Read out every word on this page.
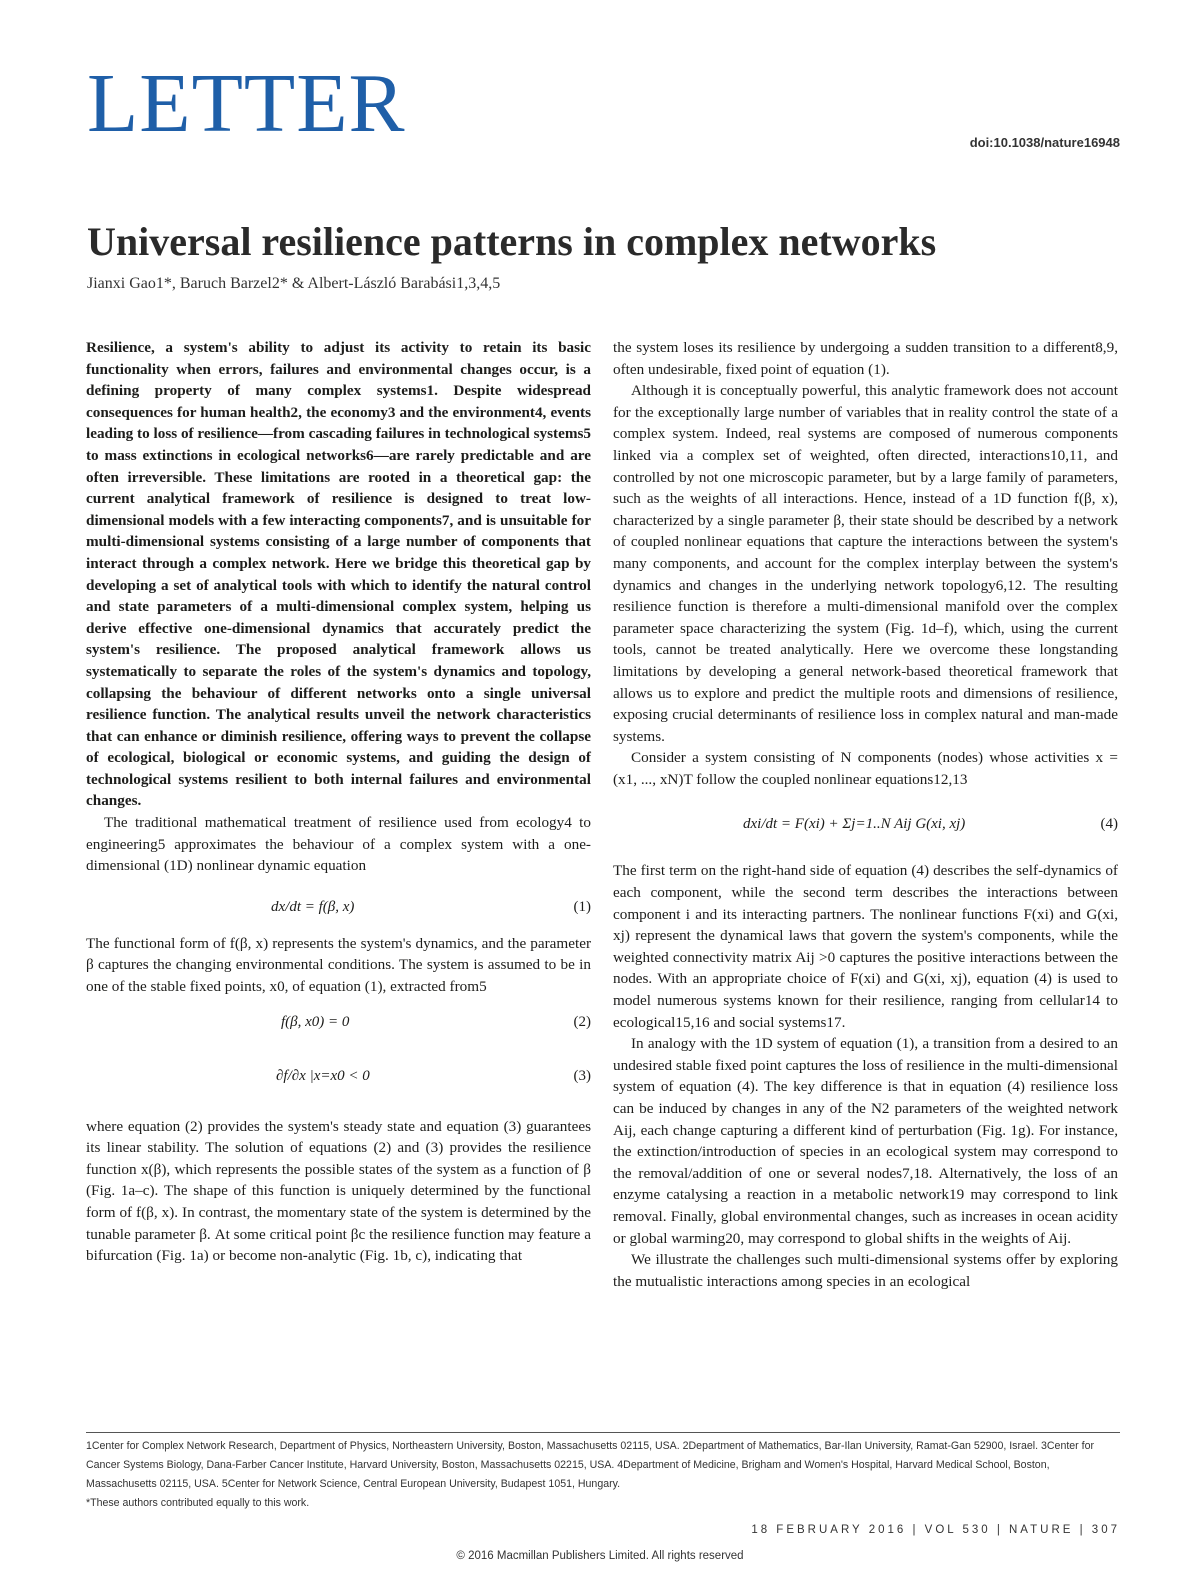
LETTER	doi:10.1038/nature16948
Universal resilience patterns in complex networks
Jianxi Gao1*, Baruch Barzel2* & Albert-László Barabási1,3,4,5

Resilience, a system's ability to adjust its activity to retain its basic functionality when errors, failures and environmental changes occur, is a defining property of many complex systems1. Despite widespread consequences for human health2, the economy3 and the environment4, events leading to loss of resilience—from cascading failures in technological systems5 to mass extinctions in ecological networks6—are rarely predictable and are often irreversible. These limitations are rooted in a theoretical gap: the current analytical framework of resilience is designed to treat low-dimensional models with a few interacting components7, and is unsuitable for multi-dimensional systems consisting of a large number of components that interact through a complex network. Here we bridge this theoretical gap by developing a set of analytical tools with which to identify the natural control and state parameters of a multi-dimensional complex system, helping us derive effective one-dimensional dynamics that accurately predict the system's resilience. The proposed analytical framework allows us systematically to separate the roles of the system's dynamics and topology, collapsing the behaviour of different networks onto a single universal resilience function. The analytical results unveil the network characteristics that can enhance or diminish resilience, offering ways to prevent the collapse of ecological, biological or economic systems, and guiding the design of technological systems resilient to both internal failures and environmental changes.

The traditional mathematical treatment of resilience used from ecology4 to engineering5 approximates the behaviour of a complex system with a one-dimensional (1D) nonlinear dynamic equation

dx/dt = f(β, x)	(1)

The functional form of f(β, x) represents the system's dynamics, and the parameter β captures the changing environmental conditions. The system is assumed to be in one of the stable fixed points, x0, of equation (1), extracted from5

f(β, x0) = 0	(2)
∂f/∂x |x=x0 < 0	(3)

where equation (2) provides the system's steady state and equation (3) guarantees its linear stability. The solution of equations (2) and (3) provides the resilience function x(β), which represents the possible states of the system as a function of β (Fig. 1a–c). The shape of this function is uniquely determined by the functional form of f(β, x). In contrast, the momentary state of the system is determined by the tunable parameter β. At some critical point βc the resilience function may feature a bifurcation (Fig. 1a) or become non-analytic (Fig. 1b, c), indicating that

the system loses its resilience by undergoing a sudden transition to a different8,9, often undesirable, fixed point of equation (1).

Although it is conceptually powerful, this analytic framework does not account for the exceptionally large number of variables that in reality control the state of a complex system. Indeed, real systems are composed of numerous components linked via a complex set of weighted, often directed, interactions10,11, and controlled by not one microscopic parameter, but by a large family of parameters, such as the weights of all interactions. Hence, instead of a 1D function f(β, x), characterized by a single parameter β, their state should be described by a network of coupled nonlinear equations that capture the interactions between the system's many components, and account for the complex interplay between the system's dynamics and changes in the underlying network topology6,12. The resulting resilience function is therefore a multi-dimensional manifold over the complex parameter space characterizing the system (Fig. 1d–f), which, using the current tools, cannot be treated analytically. Here we overcome these longstanding limitations by developing a general network-based theoretical framework that allows us to explore and predict the multiple roots and dimensions of resilience, exposing crucial determinants of resilience loss in complex natural and man-made systems.

Consider a system consisting of N components (nodes) whose activities x = (x1, ..., xN)T follow the coupled nonlinear equations12,13

dxi/dt = F(xi) + Σj=1..N Aij G(xi, xj)	(4)

The first term on the right-hand side of equation (4) describes the self-dynamics of each component, while the second term describes the interactions between component i and its interacting partners. The nonlinear functions F(xi) and G(xi, xj) represent the dynamical laws that govern the system's components, while the weighted connectivity matrix Aij >0 captures the positive interactions between the nodes. With an appropriate choice of F(xi) and G(xi, xj), equation (4) is used to model numerous systems known for their resilience, ranging from cellular14 to ecological15,16 and social systems17.

In analogy with the 1D system of equation (1), a transition from a desired to an undesired stable fixed point captures the loss of resilience in the multi-dimensional system of equation (4). The key difference is that in equation (4) resilience loss can be induced by changes in any of the N2 parameters of the weighted network Aij, each change capturing a different kind of perturbation (Fig. 1g). For instance, the extinction/introduction of species in an ecological system may correspond to the removal/addition of one or several nodes7,18. Alternatively, the loss of an enzyme catalysing a reaction in a metabolic network19 may correspond to link removal. Finally, global environmental changes, such as increases in ocean acidity or global warming20, may correspond to global shifts in the weights of Aij.

We illustrate the challenges such multi-dimensional systems offer by exploring the mutualistic interactions among species in an ecological

1Center for Complex Network Research, Department of Physics, Northeastern University, Boston, Massachusetts 02115, USA. 2Department of Mathematics, Bar-Ilan University, Ramat-Gan 52900, Israel. 3Center for Cancer Systems Biology, Dana-Farber Cancer Institute, Harvard University, Boston, Massachusetts 02215, USA. 4Department of Medicine, Brigham and Women's Hospital, Harvard Medical School, Boston, Massachusetts 02115, USA. 5Center for Network Science, Central European University, Budapest 1051, Hungary.

*These authors contributed equally to this work.

18 FEBRUARY 2016 | VOL 530 | NATURE | 307
© 2016 Macmillan Publishers Limited. All rights reserved
